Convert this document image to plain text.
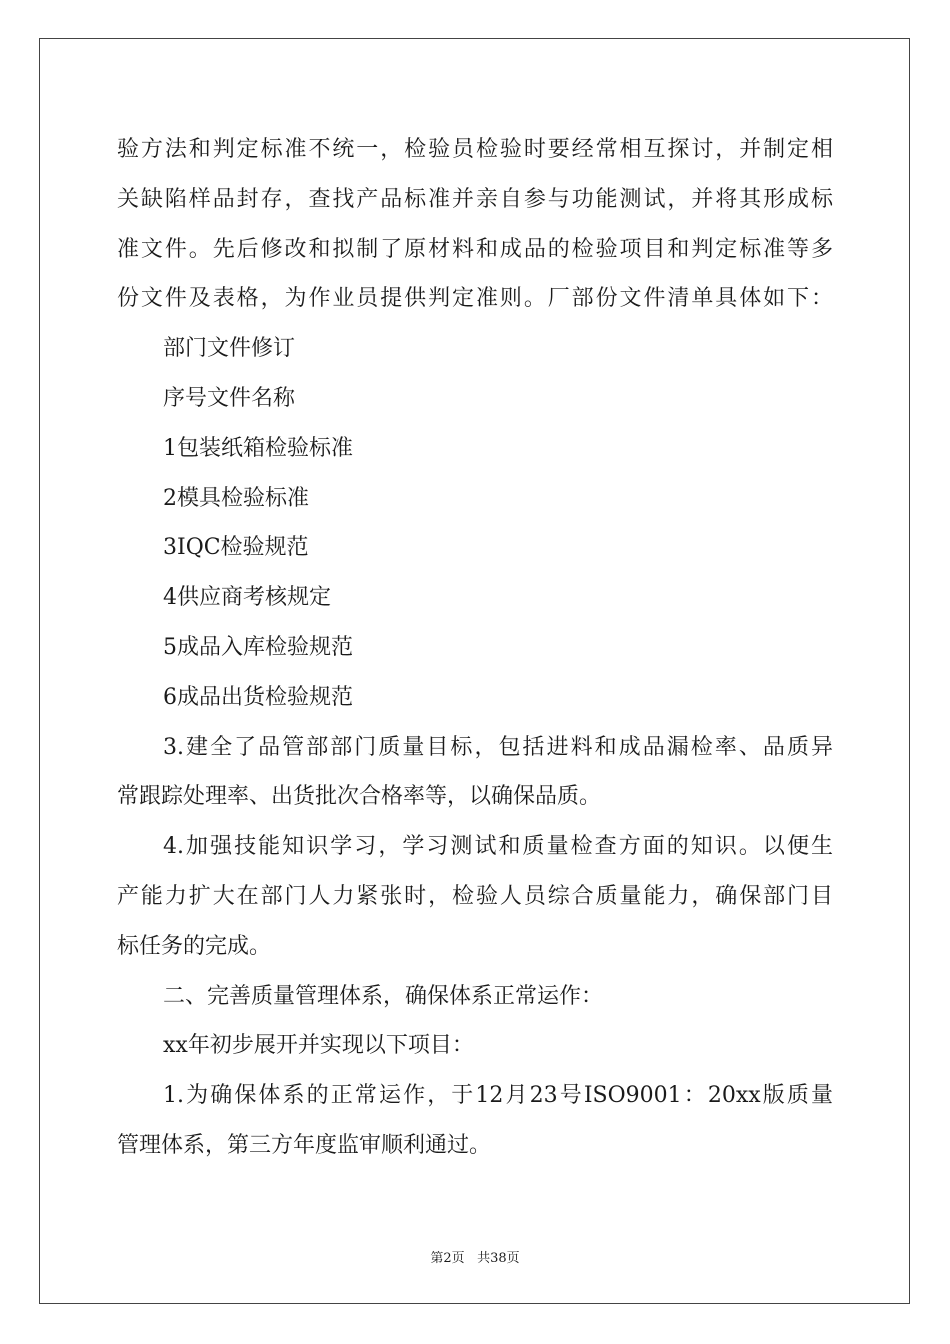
验方法和判定标准不统一，检验员检验时要经常相互探讨，并制定相
关缺陷样品封存，查找产品标准并亲自参与功能测试，并将其形成标
准文件。先后修改和拟制了原材料和成品的检验项目和判定标准等多
份文件及表格，为作业员提供判定准则。厂部份文件清单具体如下：
部门文件修订
序号文件名称
1包装纸箱检验标准
2模具检验标准
3IQC检验规范
4供应商考核规定
5成品入库检验规范
6成品出货检验规范
3.建全了品管部部门质量目标，包括进料和成品漏检率、品质异
常跟踪处理率、出货批次合格率等，以确保品质。
4.加强技能知识学习，学习测试和质量检查方面的知识。以便生
产能力扩大在部门人力紧张时，检验人员综合质量能力，确保部门目
标任务的完成。
二、完善质量管理体系，确保体系正常运作：
xx年初步展开并实现以下项目：
1.为确保体系的正常运作，于12月23号ISO9001：20xx版质量
管理体系，第三方年度监审顺利通过。
第2页 共38页
